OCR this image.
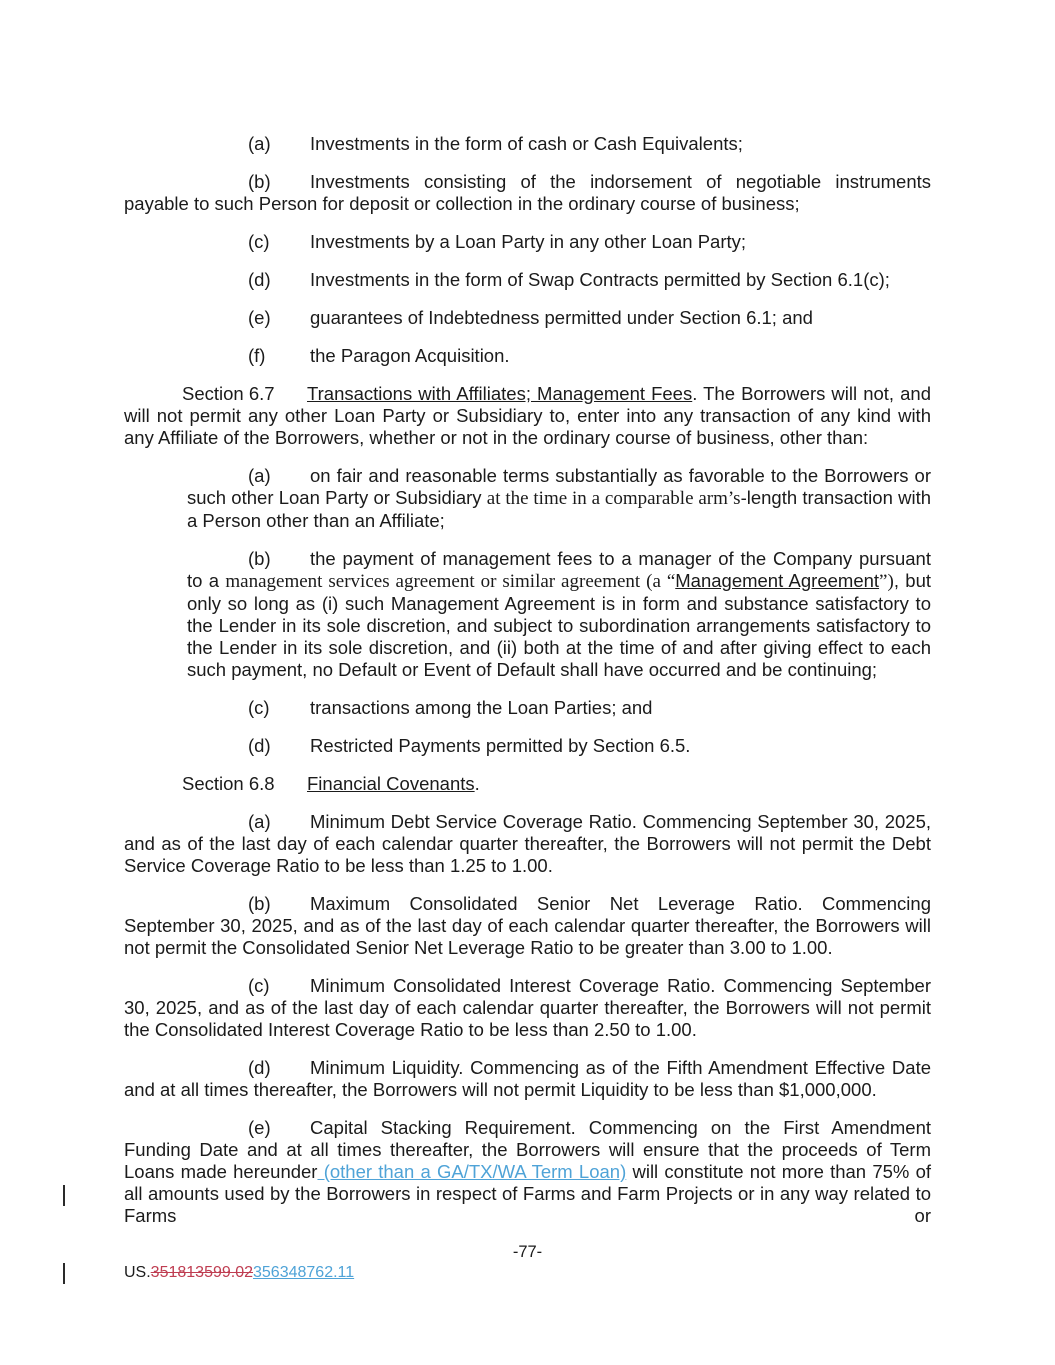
(a) Investments in the form of cash or Cash Equivalents;

(b) Investments consisting of the indorsement of negotiable instruments payable to such Person for deposit or collection in the ordinary course of business;

(c) Investments by a Loan Party in any other Loan Party;

(d) Investments in the form of Swap Contracts permitted by Section 6.1(c);

(e) guarantees of Indebtedness permitted under Section 6.1; and

(f) the Paragon Acquisition.

Section 6.7 Transactions with Affiliates; Management Fees. The Borrowers will not, and will not permit any other Loan Party or Subsidiary to, enter into any transaction of any kind with any Affiliate of the Borrowers, whether or not in the ordinary course of business, other than:

(a) on fair and reasonable terms substantially as favorable to the Borrowers or such other Loan Party or Subsidiary at the time in a comparable arm’s-length transaction with a Person other than an Affiliate;

(b) the payment of management fees to a manager of the Company pursuant to a management services agreement or similar agreement (a “Management Agreement”), but only so long as (i) such Management Agreement is in form and substance satisfactory to the Lender in its sole discretion, and subject to subordination arrangements satisfactory to the Lender in its sole discretion, and (ii) both at the time of and after giving effect to each such payment, no Default or Event of Default shall have occurred and be continuing;

(c) transactions among the Loan Parties; and

(d) Restricted Payments permitted by Section 6.5.

Section 6.8 Financial Covenants.

(a) Minimum Debt Service Coverage Ratio. Commencing September 30, 2025, and as of the last day of each calendar quarter thereafter, the Borrowers will not permit the Debt Service Coverage Ratio to be less than 1.25 to 1.00.

(b) Maximum Consolidated Senior Net Leverage Ratio. Commencing September 30, 2025, and as of the last day of each calendar quarter thereafter, the Borrowers will not permit the Consolidated Senior Net Leverage Ratio to be greater than 3.00 to 1.00.

(c) Minimum Consolidated Interest Coverage Ratio. Commencing September 30, 2025, and as of the last day of each calendar quarter thereafter, the Borrowers will not permit the Consolidated Interest Coverage Ratio to be less than 2.50 to 1.00.

(d) Minimum Liquidity. Commencing as of the Fifth Amendment Effective Date and at all times thereafter, the Borrowers will not permit Liquidity to be less than $1,000,000.

(e) Capital Stacking Requirement. Commencing on the First Amendment Funding Date and at all times thereafter, the Borrowers will ensure that the proceeds of Term Loans made hereunder (other than a GA/TX/WA Term Loan) will constitute not more than 75% of all amounts used by the Borrowers in respect of Farms and Farm Projects or in any way related to Farms or

-77-
US.351813599.02356348762.11
